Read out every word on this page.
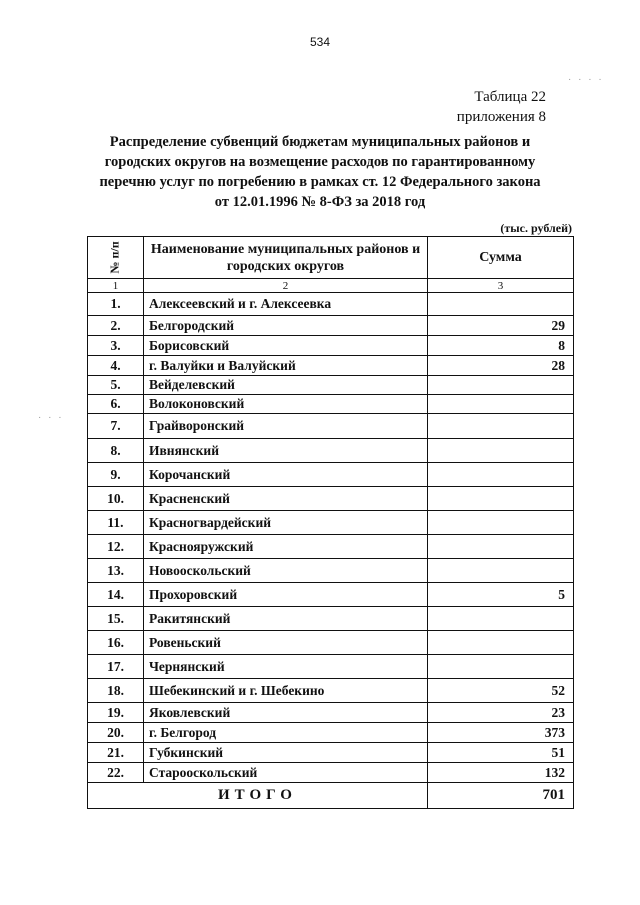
534
Таблица 22
приложения 8
Распределение субвенций бюджетам муниципальных районов и
городских округов на возмещение расходов по гарантированному
перечню услуг по погребению в рамках ст. 12 Федерального закона
от 12.01.1996 № 8-ФЗ за 2018 год
(тыс. рублей)
№ п/п	Наименование муниципальных районов и городских округов	Сумма
1	2	3
1.	Алексеевский и г. Алексеевка	
2.	Белгородский	29
3.	Борисовский	8
4.	г. Валуйки и Валуйский	28
5.	Вейделевский	
6.	Волоконовский	
7.	Грайворонский	
8.	Ивнянский	
9.	Корочанский	
10.	Красненский	
11.	Красногвардейский	
12.	Краснояружский	
13.	Новооскольский	
14.	Прохоровский	5
15.	Ракитянский	
16.	Ровеньский	
17.	Чернянский	
18.	Шебекинский и г. Шебекино	52
19.	Яковлевский	23
20.	г. Белгород	373
21.	Губкинский	51
22.	Старооскольский	132
ИТОГО		701
· · · ·
· · ·
